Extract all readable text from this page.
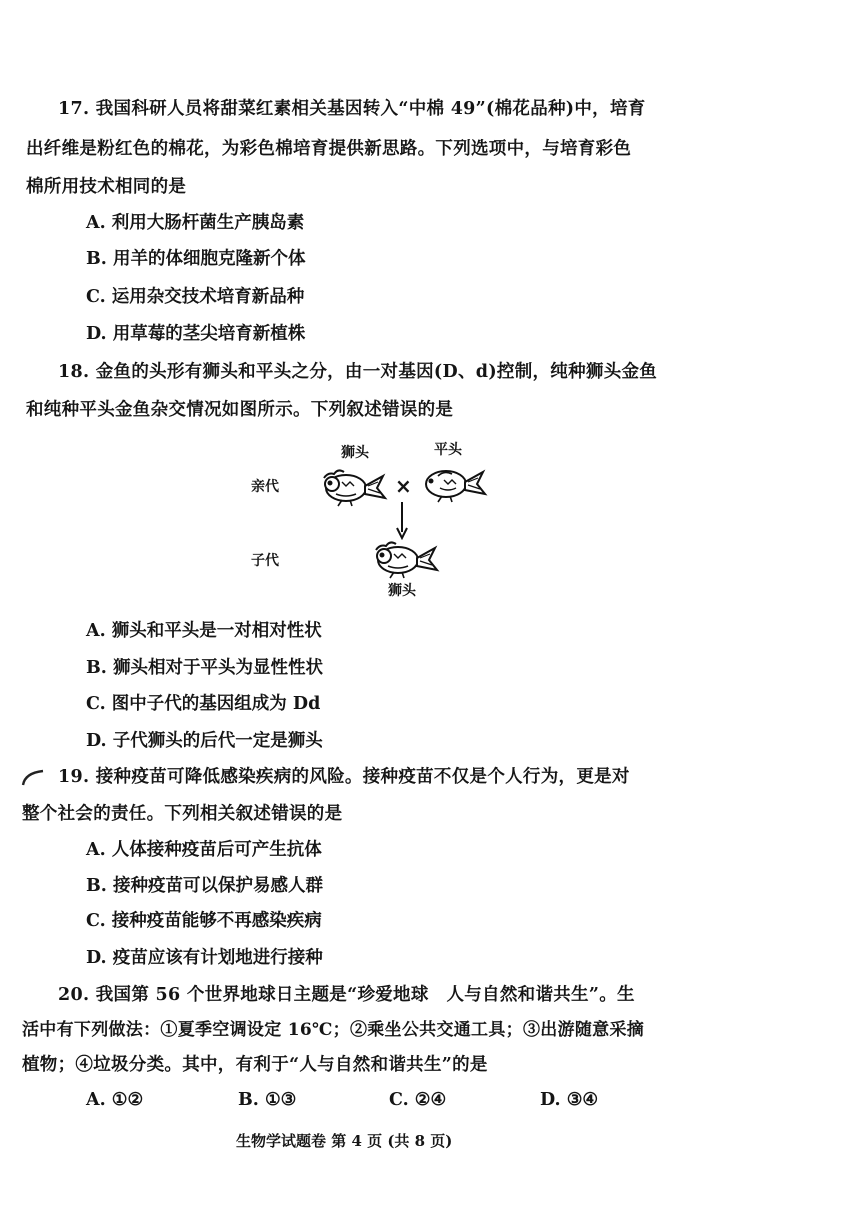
17. 我国科研人员将甜菜红素相关基因转入“中棉 49”(棉花品种)中，培育
出纤维是粉红色的棉花，为彩色棉培育提供新思路。下列选项中，与培育彩色
棉所用技术相同的是
A. 利用大肠杆菌生产胰岛素
B. 用羊的体细胞克隆新个体
C. 运用杂交技术培育新品种
D. 用草莓的茎尖培育新植株
18. 金鱼的头形有狮头和平头之分，由一对基因(D、d)控制，纯种狮头金鱼
和纯种平头金鱼杂交情况如图所示。下列叙述错误的是
狮头	平头
亲代
子代
狮头
×
A. 狮头和平头是一对相对性状
B. 狮头相对于平头为显性性状
C. 图中子代的基因组成为 Dd
D. 子代狮头的后代一定是狮头
19. 接种疫苗可降低感染疾病的风险。接种疫苗不仅是个人行为，更是对
整个社会的责任。下列相关叙述错误的是
A. 人体接种疫苗后可产生抗体
B. 接种疫苗可以保护易感人群
C. 接种疫苗能够不再感染疾病
D. 疫苗应该有计划地进行接种
20. 我国第 56 个世界地球日主题是“珍爱地球　人与自然和谐共生”。生
活中有下列做法：①夏季空调设定 16℃；②乘坐公共交通工具；③出游随意采摘
植物；④垃圾分类。其中，有利于“人与自然和谐共生”的是
A. ①②	B. ①③	C. ②④	D. ③④
生物学试题卷 第 4 页 (共 8 页)
